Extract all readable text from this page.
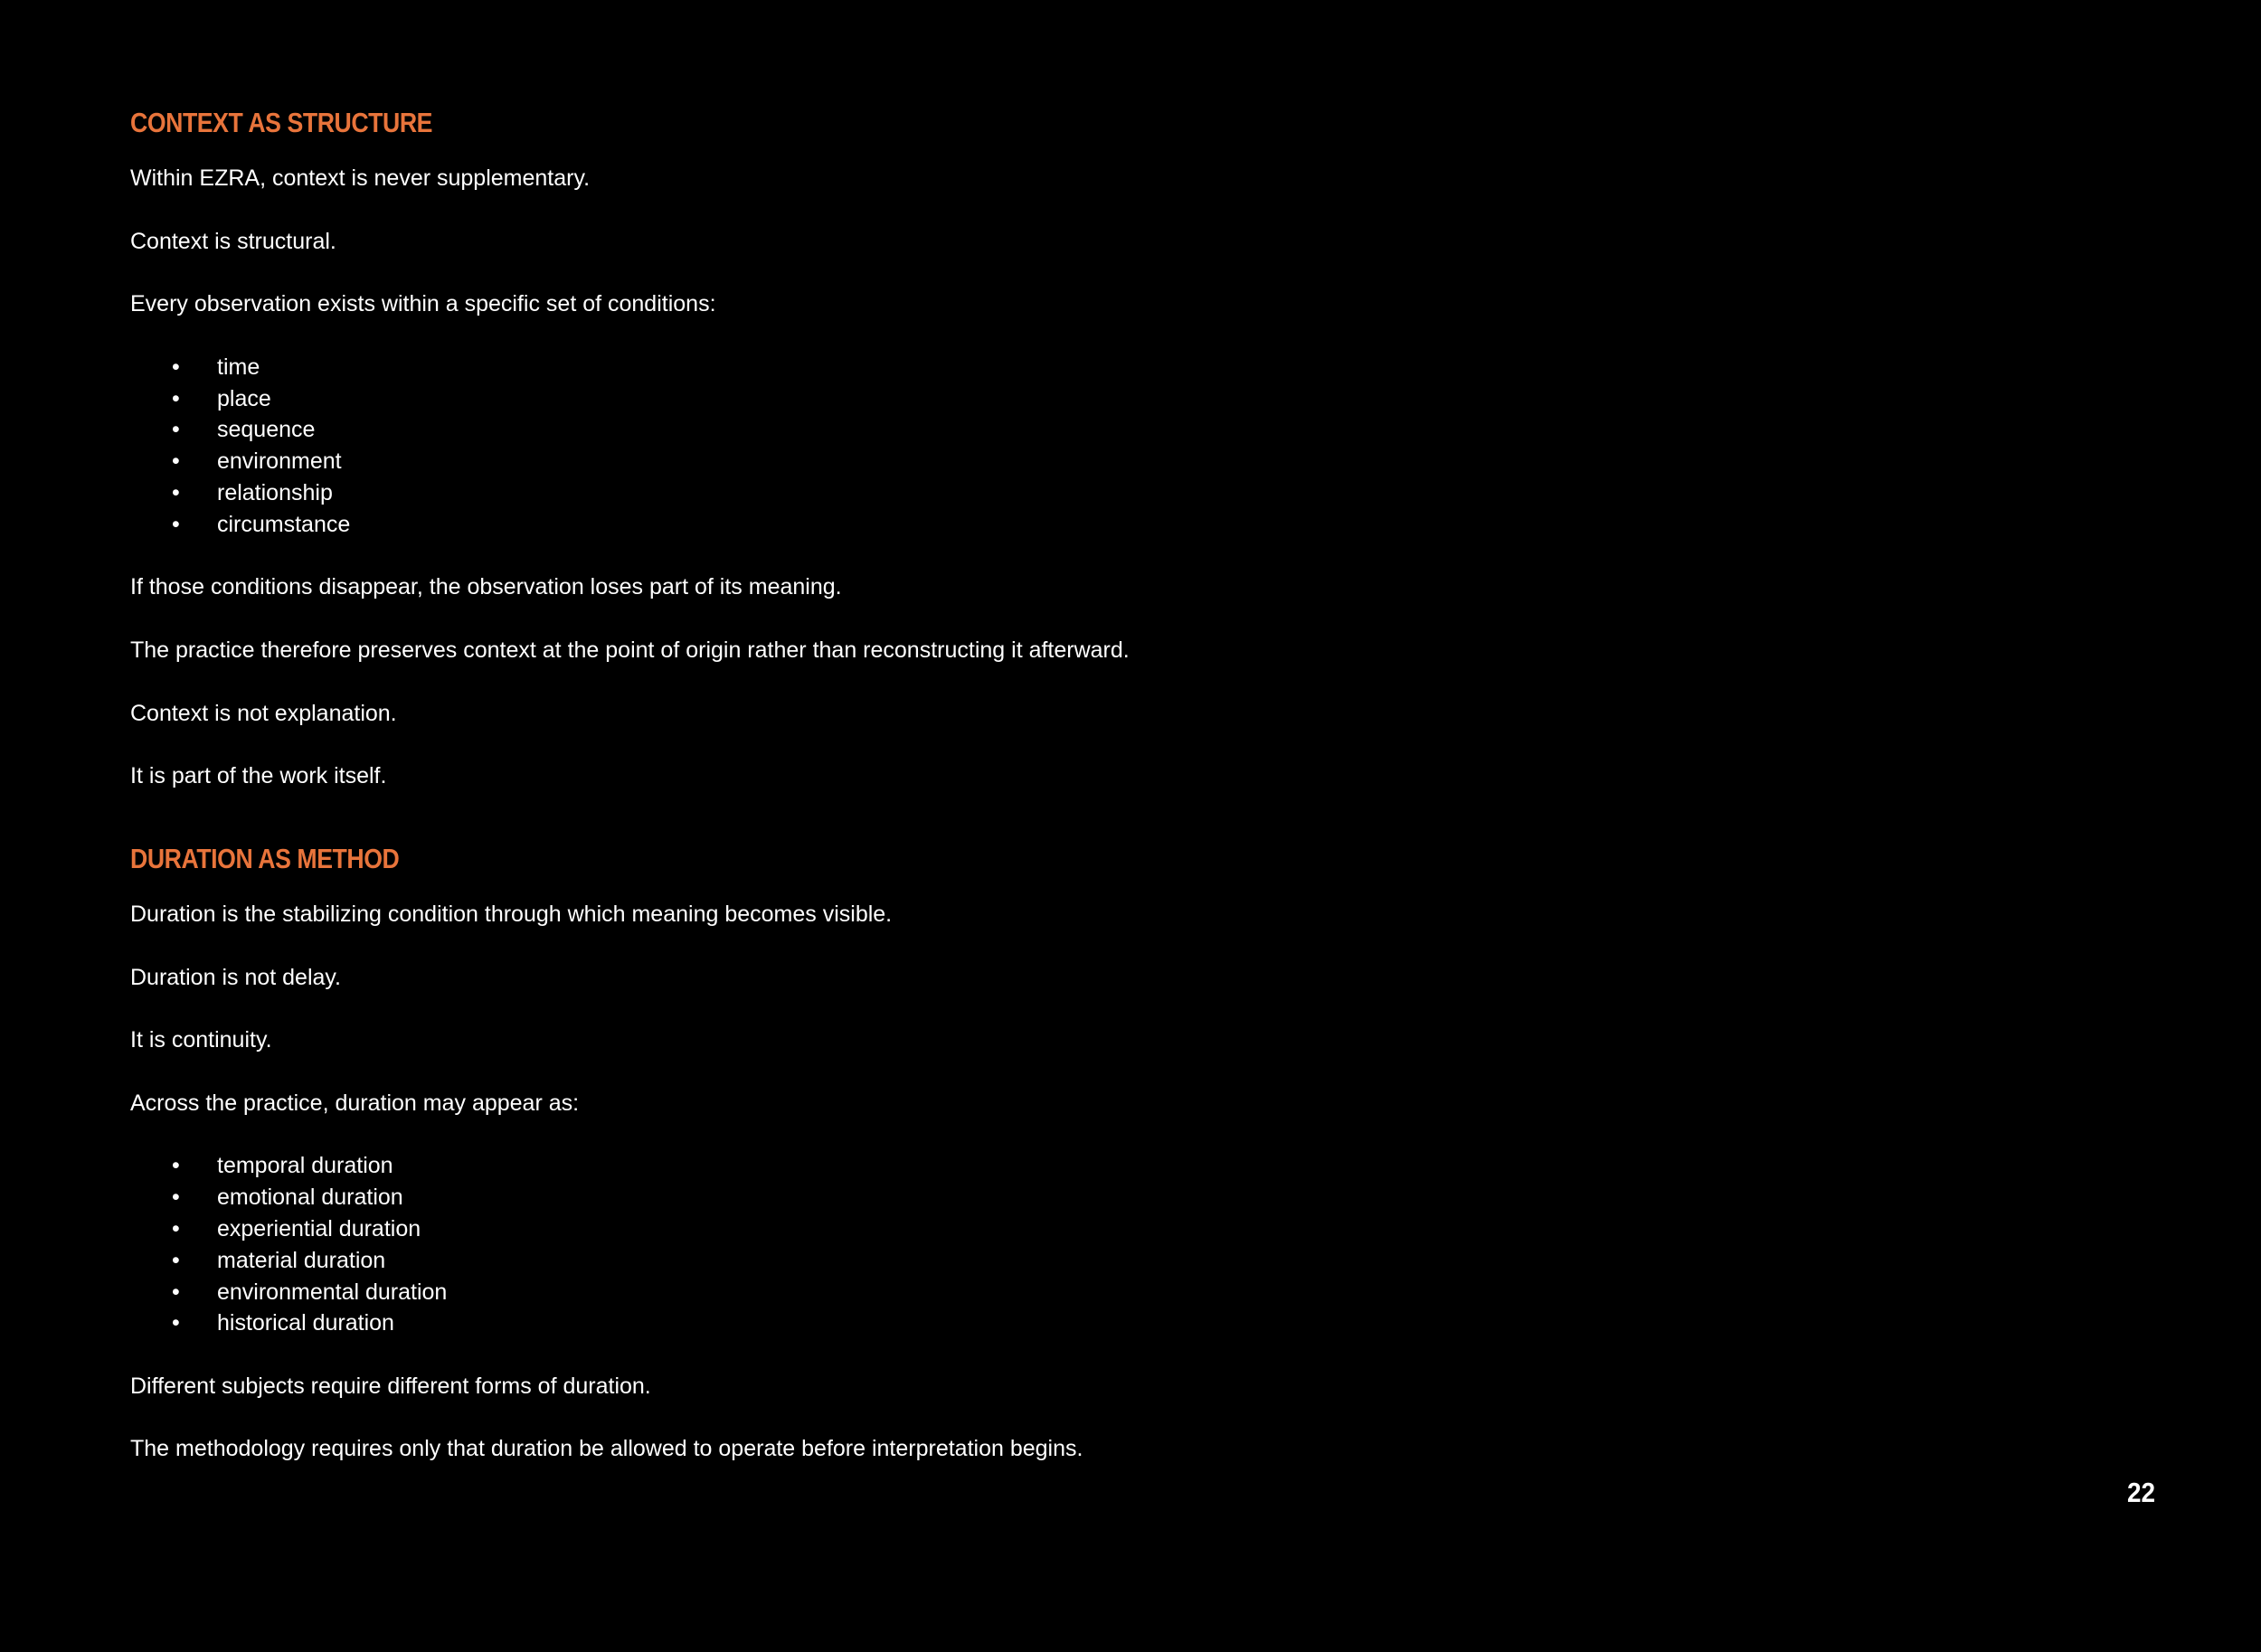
CONTEXT AS STRUCTURE

Within EZRA, context is never supplementary.

Context is structural.

Every observation exists within a specific set of conditions:

• time
• place
• sequence
• environment
• relationship
• circumstance

If those conditions disappear, the observation loses part of its meaning.

The practice therefore preserves context at the point of origin rather than reconstructing it afterward.

Context is not explanation.

It is part of the work itself.

DURATION AS METHOD

Duration is the stabilizing condition through which meaning becomes visible.

Duration is not delay.

It is continuity.

Across the practice, duration may appear as:

• temporal duration
• emotional duration
• experiential duration
• material duration
• environmental duration
• historical duration

Different subjects require different forms of duration.

The methodology requires only that duration be allowed to operate before interpretation begins.

22
